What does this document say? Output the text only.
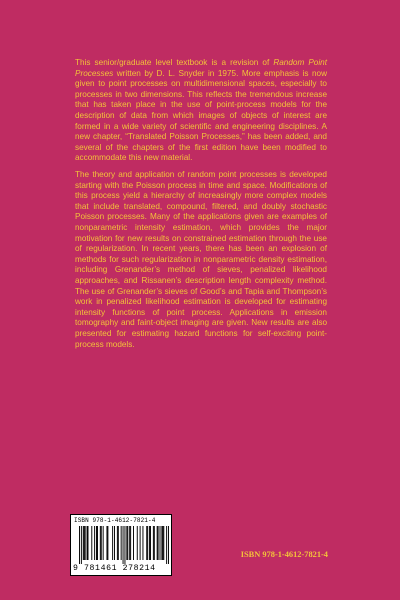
This senior/graduate level textbook is a revision of Random Point Processes written by D. L. Snyder in 1975. More emphasis is now given to point processes on multidimensional spaces, especially to processes in two dimensions. This reflects the tremendous increase that has taken place in the use of point-process models for the description of data from which images of objects of interest are formed in a wide variety of scientific and engineering disciplines. A new chapter, “Translated Poisson Processes,” has been added, and several of the chapters of the first edition have been modified to accommodate this new material.

The theory and application of random point processes is developed starting with the Poisson process in time and space. Modifications of this process yield a hierarchy of increasingly more complex models that include translated, compound, filtered, and doubly stochastic Poisson processes. Many of the applications given are examples of nonparametric intensity estimation, which provides the major motivation for new results on constrained estimation through the use of regularization. In recent years, there has been an explosion of methods for such regularization in nonparametric density estimation, including Grenander’s method of sieves, penalized likelihood approaches, and Rissanen’s description length complexity method. The use of Grenander’s sieves of Good’s and Tapia and Thompson’s work in penalized likelihood estimation is developed for estimating intensity functions of point process. Applications in emission tomography and faint-object imaging are given. New results are also presented for estimating hazard functions for self-exciting point-process models.

ISBN 978-1-4612-7821-4
9 781461 278214
ISBN 978-1-4612-7821-4
